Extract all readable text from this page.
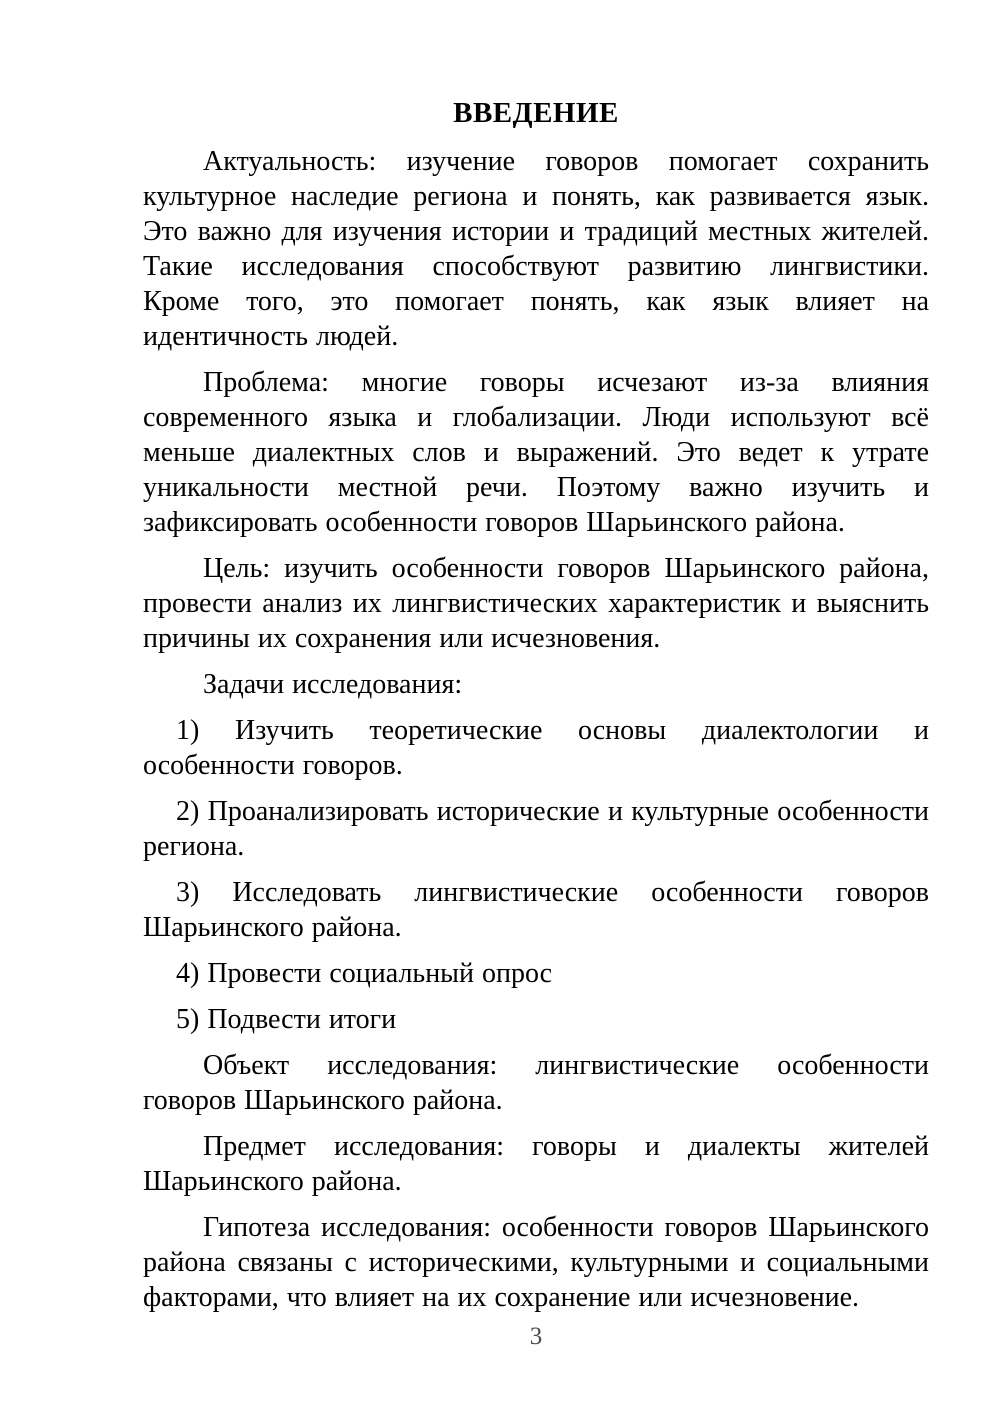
ВВЕДЕНИЕ

Актуальность: изучение говоров помогает сохранить культурное наследие региона и понять, как развивается язык. Это важно для изучения истории и традиций местных жителей. Такие исследования способствуют развитию лингвистики. Кроме того, это помогает понять, как язык влияет на идентичность людей.

Проблема: многие говоры исчезают из-за влияния современного языка и глобализации. Люди используют всё меньше диалектных слов и выражений. Это ведет к утрате уникальности местной речи. Поэтому важно изучить и зафиксировать особенности говоров Шарьинского района.

Цель: изучить особенности говоров Шарьинского района, провести анализ их лингвистических характеристик и выяснить причины их сохранения или исчезновения.

Задачи исследования:

1) Изучить теоретические основы диалектологии и особенности говоров.

2) Проанализировать исторические и культурные особенности региона.

3) Исследовать лингвистические особенности говоров Шарьинского района.

4) Провести социальный опрос

5) Подвести итоги

Объект исследования: лингвистические особенности говоров Шарьинского района.

Предмет исследования: говоры и диалекты жителей Шарьинского района.

Гипотеза исследования: особенности говоров Шарьинского района связаны с историческими, культурными и социальными факторами, что влияет на их сохранение или исчезновение.

3
